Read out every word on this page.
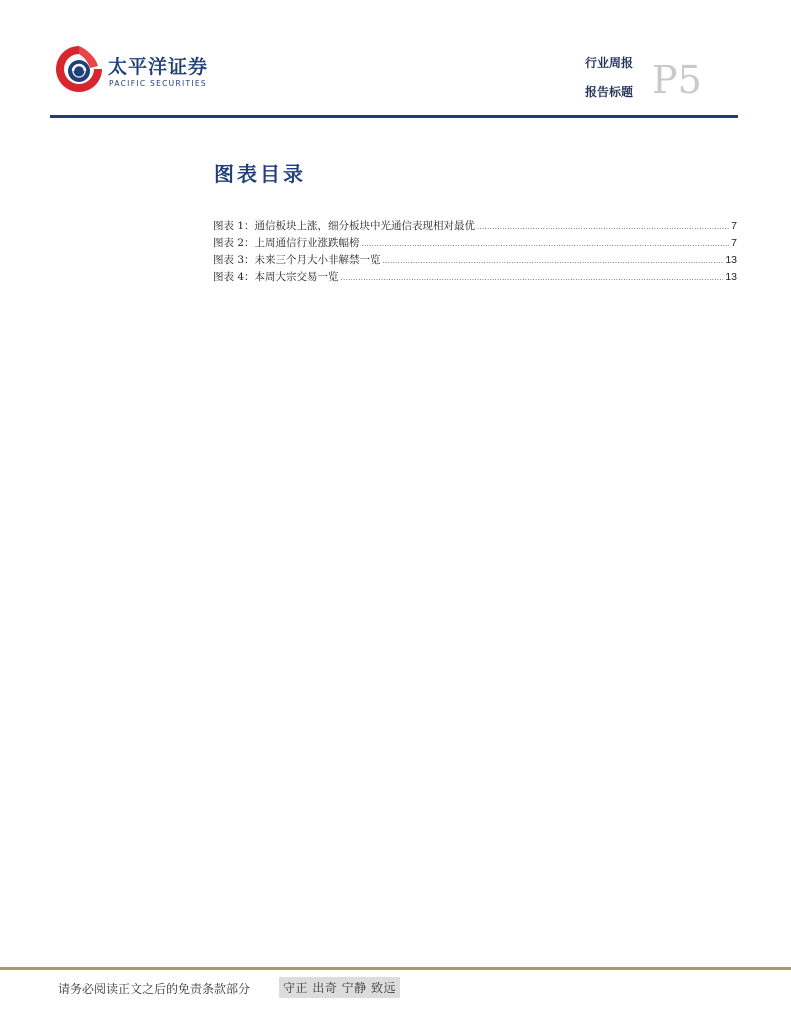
太平洋证券
PACIFIC SECURITIES
行业周报
报告标题 P5
图表目录
图表 1：通信板块上涨，细分板块中光通信表现相对最优 .....	7
图表 2：上周通信行业涨跌幅榜 .....	7
图表 3：未来三个月大小非解禁一览 .....	13
图表 4：本周大宗交易一览 .....	13
请务必阅读正文之后的免责条款部分	守正 出奇 宁静 致远
